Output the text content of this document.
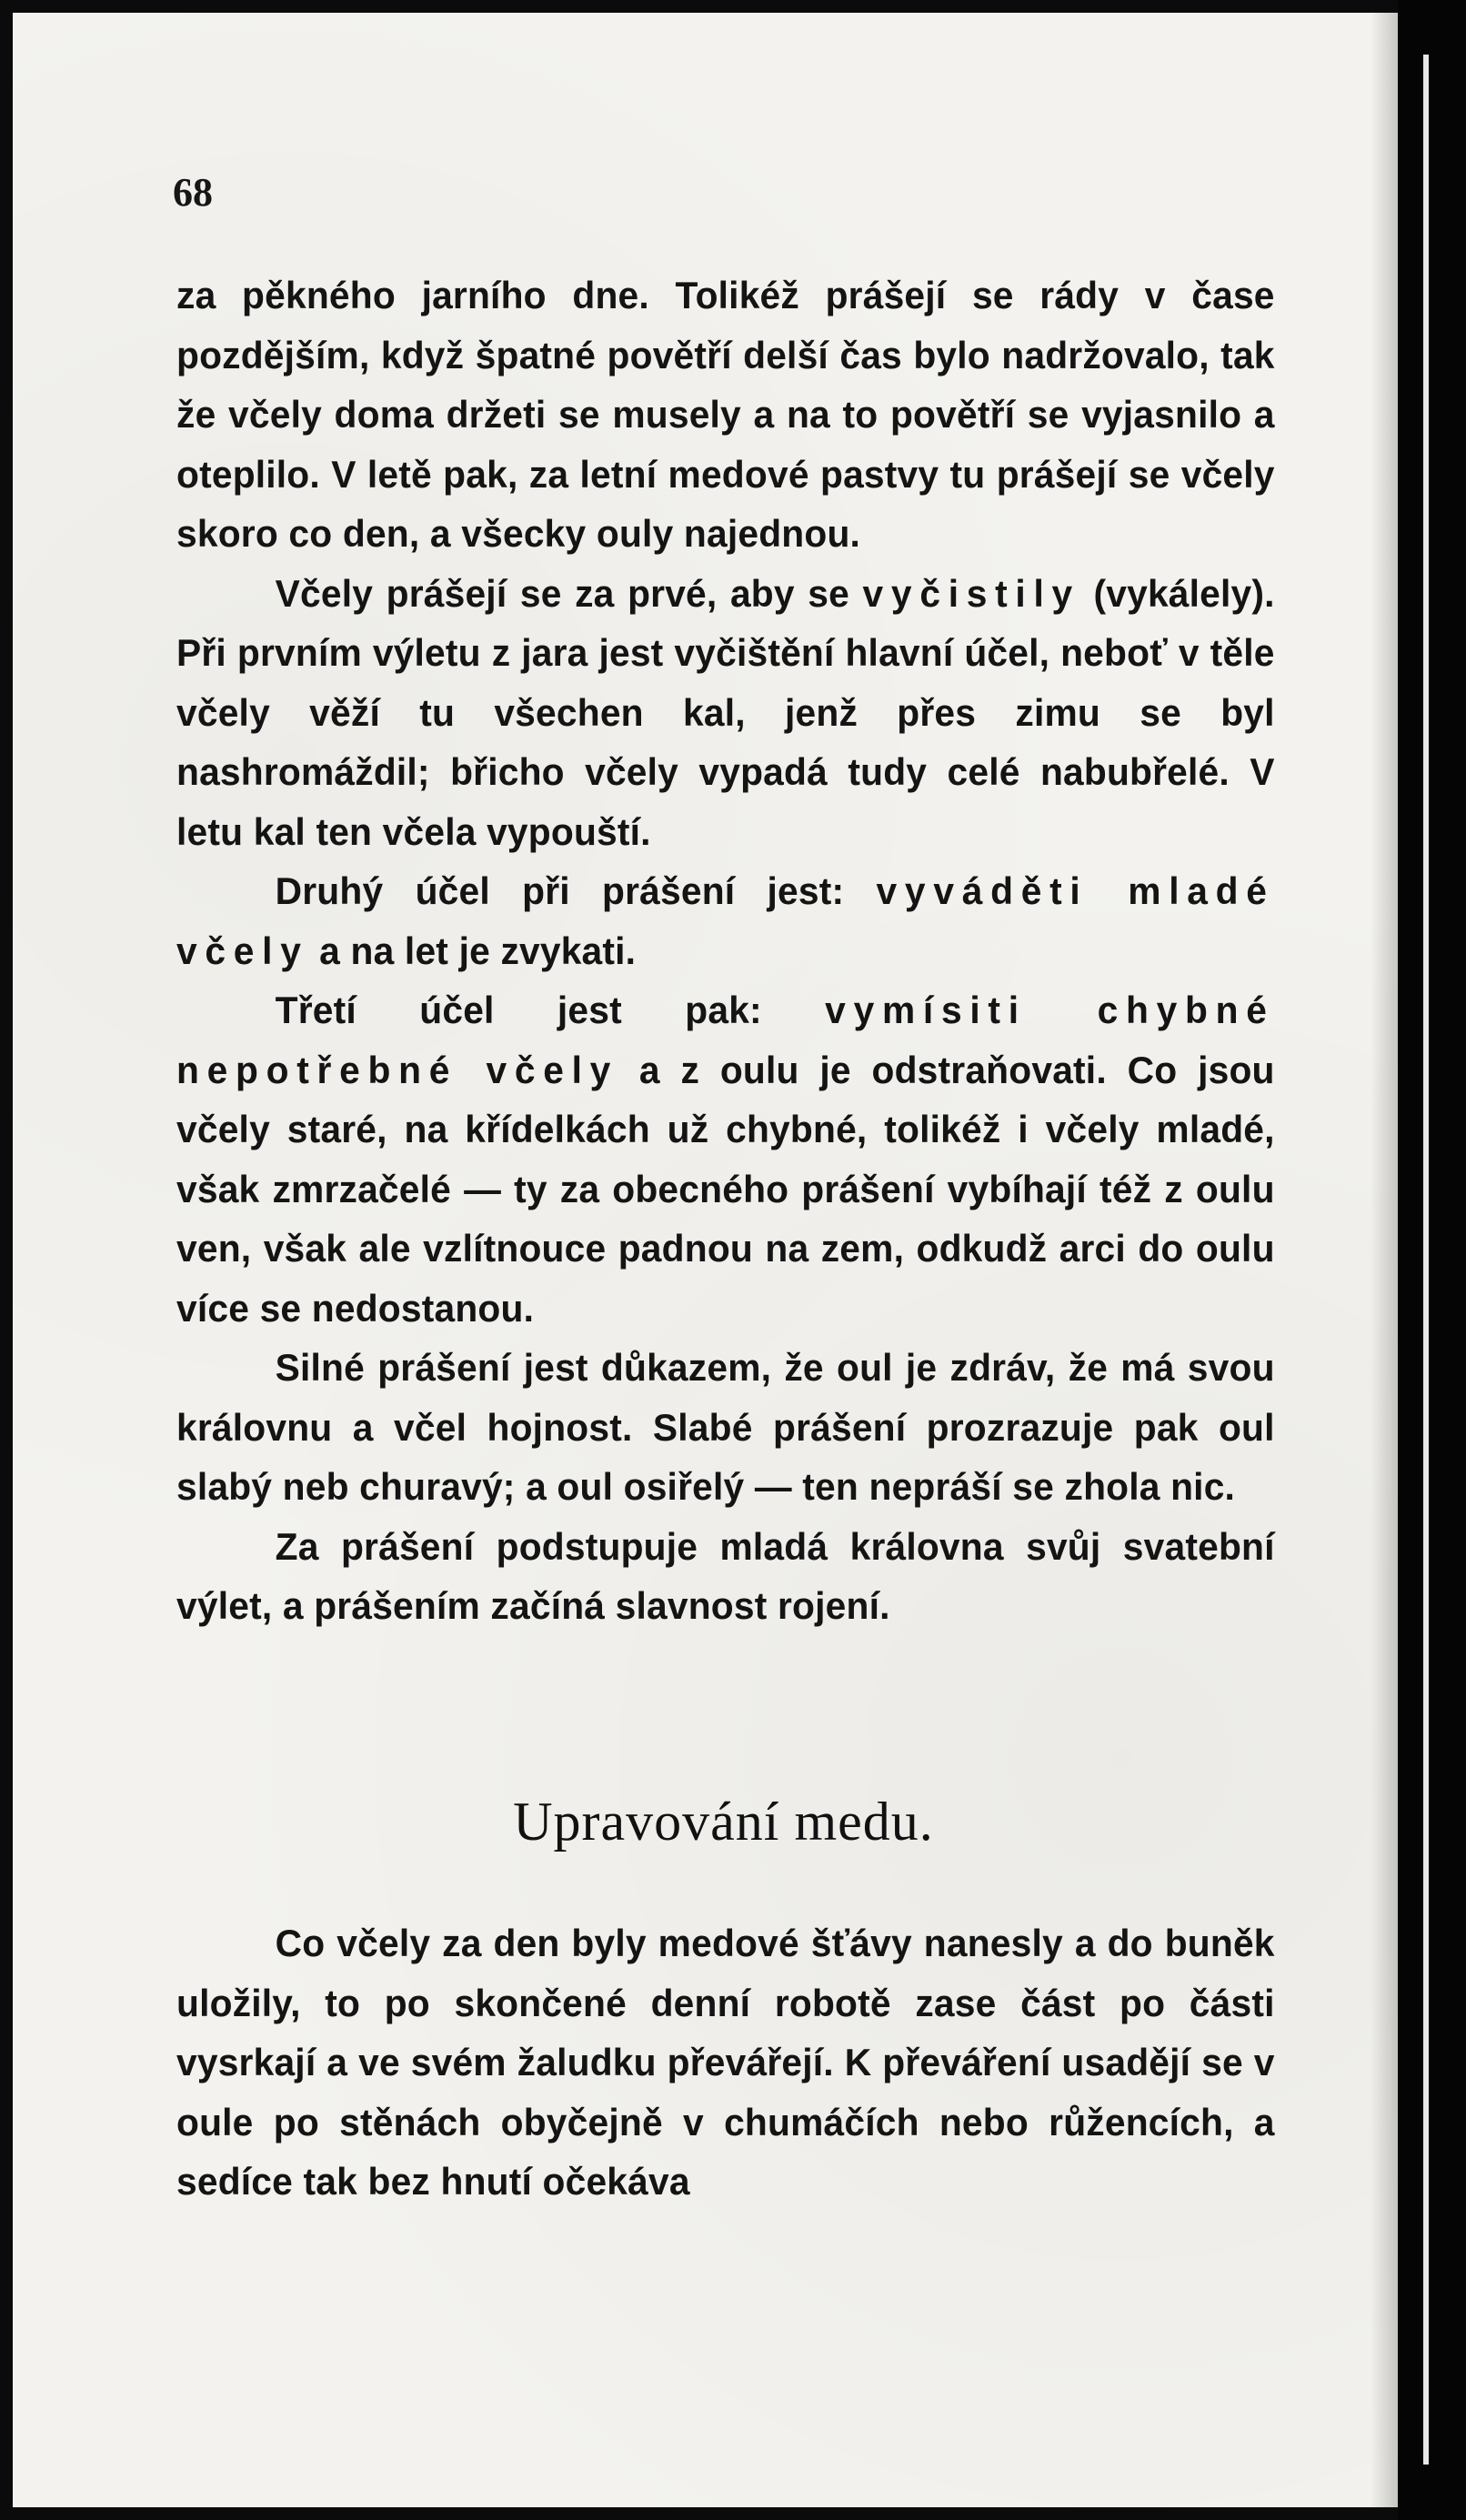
68

za pěkného jarního dne. Tolikéž prášejí se rády v čase pozdějším, když špatné povětří delší čas bylo nadržovalo, tak že včely doma držeti se musely a na to povětří se vyjasnilo a oteplilo. V letě pak, za letní medové pastvy tu prášejí se včely skoro co den, a všecky ouly najednou.

Včely prášejí se za prvé, aby se vyčistily (vykálely). Při prvním výletu z jara jest vyčištění hlavní účel, neboť v těle včely věží tu všechen kal, jenž přes zimu se byl nashromáždil; břicho včely vypadá tudy celé nabubřelé. V letu kal ten včela vypouští.

Druhý účel při prášení jest: vyváděti mladé včely a na let je zvykati.

Třetí účel jest pak: vymísiti chybné nepotřebné včely a z oulu je odstraňovati. Co jsou včely staré, na křídelkách už chybné, tolikéž i včely mladé, však zmrzačelé — ty za obecného prášení vybíhají též z oulu ven, však ale vzlítnouce padnou na zem, odkudž arci do oulu více se nedostanou.

Silné prášení jest důkazem, že oul je zdráv, že má svou královnu a včel hojnost. Slabé prášení prozrazuje pak oul slabý neb churavý; a oul osiřelý — ten nepráší se zhola nic.

Za prášení podstupuje mladá královna svůj svatební výlet, a prášením začíná slavnost rojení.

Upravování medu.

Co včely za den byly medové šťávy nanesly a do buněk uložily, to po skončené denní robotě zase část po části vysrkají a ve svém žaludku převářejí. K převáření usadějí se v oule po stěnách obyčejně v chumáčích nebo růžencích, a sedíce tak bez hnutí očekáva
